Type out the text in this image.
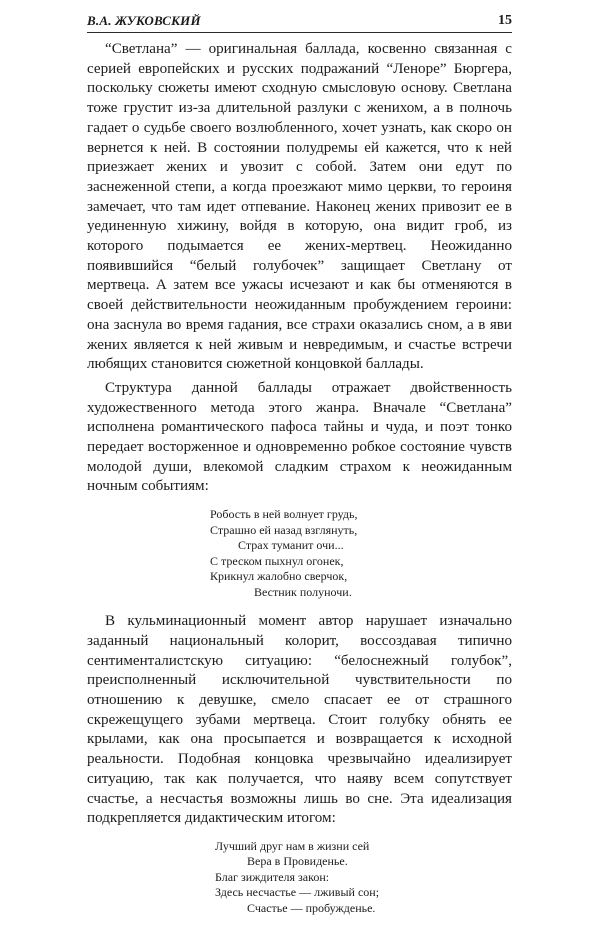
В.А. ЖУКОВСКИЙ	15

“Светлана” — оригинальная баллада, косвенно связанная с серией европейских и русских подражаний “Леноре” Бюргера, поскольку сюжеты имеют сходную смысловую основу. Светлана тоже грустит из-за длительной разлуки с женихом, а в полночь гадает о судьбе своего возлюбленного, хочет узнать, как скоро он вернется к ней. В состоянии полудремы ей кажется, что к ней приезжает жених и увозит с собой. Затем они едут по заснеженной степи, а когда проезжают мимо церкви, то героиня замечает, что там идет отпевание. Наконец жених привозит ее в уединенную хижину, войдя в которую, она видит гроб, из которого подымается ее жених-мертвец. Неожиданно появившийся “белый голубочек” защищает Светлану от мертвеца. А затем все ужасы исчезают и как бы отменяются в своей действительности неожиданным пробуждением героини: она заснула во время гадания, все страхи оказались сном, а в яви жених является к ней живым и невредимым, и счастье встречи любящих становится сюжетной концовкой баллады.

Структура данной баллады отражает двойственность художественного метода этого жанра. Вначале “Светлана” исполнена романтического пафоса тайны и чуда, и поэт тонко передает восторженное и одновременно робкое состояние чувств молодой души, влекомой сладким страхом к неожиданным ночным событиям:

Робость в ней волнует грудь,
Страшно ей назад взглянуть,
Страх туманит очи...
С треском пыхнул огонек,
Крикнул жалобно сверчок,
Вестник полуночи.

В кульминационный момент автор нарушает изначально заданный национальный колорит, воссоздавая типично сентименталистскую ситуацию: “белоснежный голубок”, преисполненный исключительной чувствительности по отношению к девушке, смело спасает ее от страшного скрежещущего зубами мертвеца. Стоит голубку обнять ее крылами, как она просыпается и возвращается к исходной реальности. Подобная концовка чрезвычайно идеализирует ситуацию, так как получается, что наяву всем сопутствует счастье, а несчастья возможны лишь во сне. Эта идеализация подкрепляется дидактическим итогом:

Лучший друг нам в жизни сей
Вера в Провиденье.
Благ зиждителя закон:
Здесь несчастье — лживый сон;
Счастье — пробужденье.
